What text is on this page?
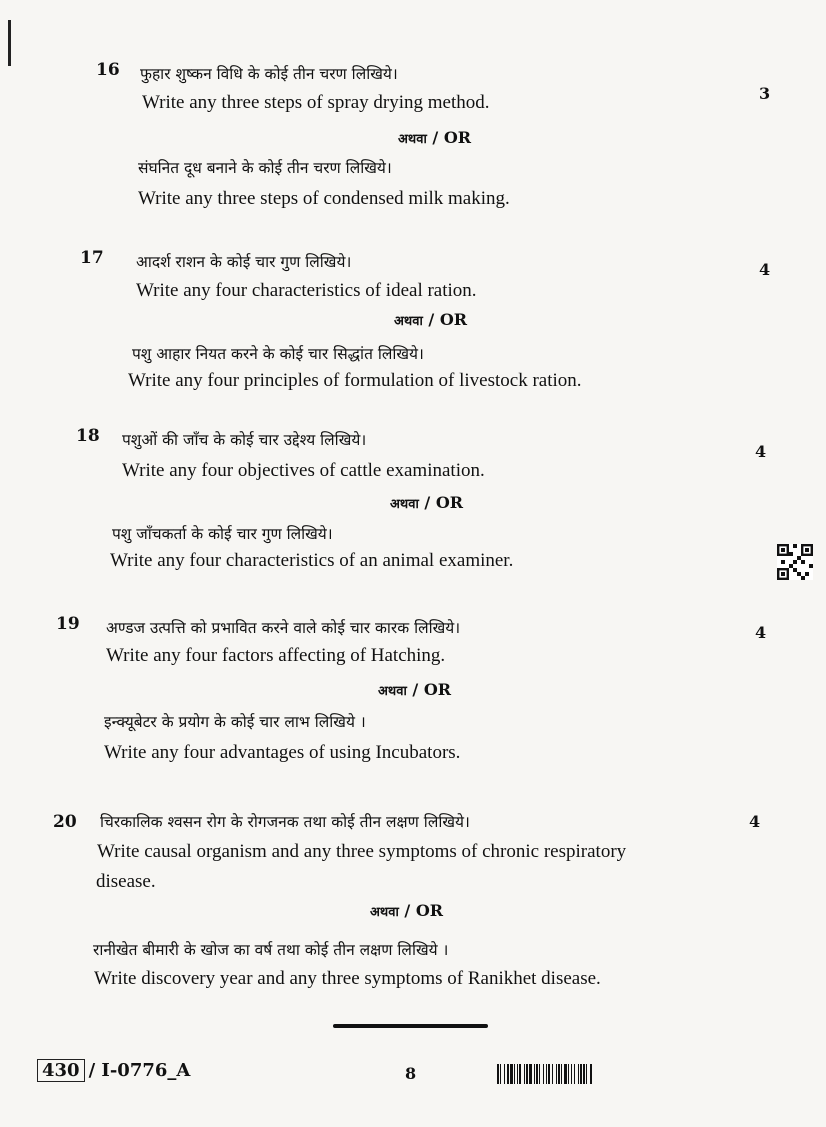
16
3
फुहार शुष्कन विधि के कोई तीन चरण लिखिये।
Write any three steps of spray drying method.
अथवा / OR
संघनित दूध बनाने के कोई तीन चरण लिखिये।
Write any three steps of condensed milk making.
17
4
आदर्श राशन के कोई चार गुण लिखिये।
Write any four characteristics of ideal ration.
अथवा / OR
पशु आहार नियत करने के कोई चार सिद्धांत लिखिये।
Write any four principles of formulation of livestock ration.
18
4
पशुओं की जाँच के कोई चार उद्देश्य लिखिये।
Write any four objectives of cattle examination.
अथवा / OR
पशु जाँचकर्ता के कोई चार गुण लिखिये।
Write any four characteristics of an animal examiner.
19	4
अण्डज उत्पत्ति को प्रभावित करने वाले कोई चार कारक लिखिये।
Write any four factors affecting of Hatching.
अथवा / OR
इन्क्यूबेटर के प्रयोग के कोई चार लाभ लिखिये ।
Write any four advantages of using Incubators.
20	4
चिरकालिक श्वसन रोग के रोगजनक तथा कोई तीन लक्षण लिखिये।
Write causal organism and any three symptoms of chronic respiratory
disease.
अथवा / OR
रानीखेत बीमारी के खोज का वर्ष तथा कोई तीन लक्षण लिखिये ।
Write discovery year and any three symptoms of Ranikhet disease.
430 / I-0776_A	8
